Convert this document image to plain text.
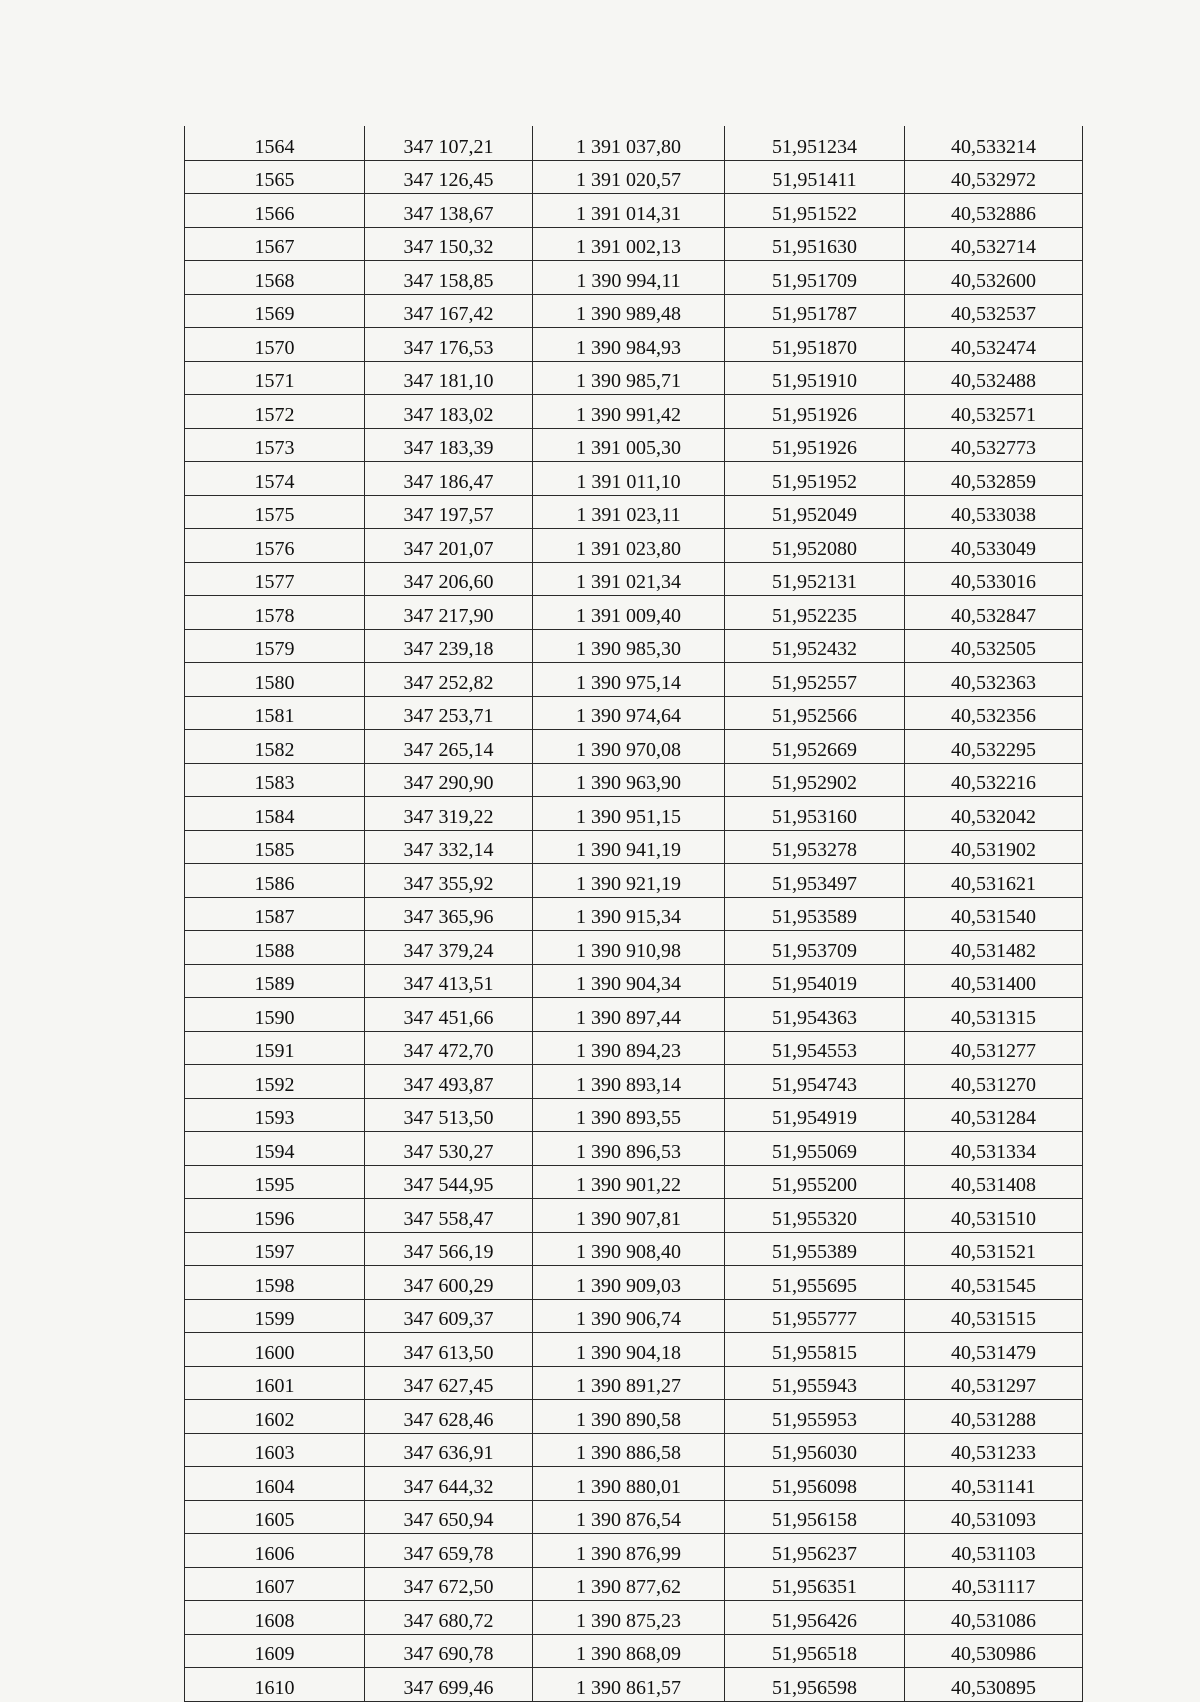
1564	347 107,21	1 391 037,80	51,951234	40,533214
1565	347 126,45	1 391 020,57	51,951411	40,532972
1566	347 138,67	1 391 014,31	51,951522	40,532886
1567	347 150,32	1 391 002,13	51,951630	40,532714
1568	347 158,85	1 390 994,11	51,951709	40,532600
1569	347 167,42	1 390 989,48	51,951787	40,532537
1570	347 176,53	1 390 984,93	51,951870	40,532474
1571	347 181,10	1 390 985,71	51,951910	40,532488
1572	347 183,02	1 390 991,42	51,951926	40,532571
1573	347 183,39	1 391 005,30	51,951926	40,532773
1574	347 186,47	1 391 011,10	51,951952	40,532859
1575	347 197,57	1 391 023,11	51,952049	40,533038
1576	347 201,07	1 391 023,80	51,952080	40,533049
1577	347 206,60	1 391 021,34	51,952131	40,533016
1578	347 217,90	1 391 009,40	51,952235	40,532847
1579	347 239,18	1 390 985,30	51,952432	40,532505
1580	347 252,82	1 390 975,14	51,952557	40,532363
1581	347 253,71	1 390 974,64	51,952566	40,532356
1582	347 265,14	1 390 970,08	51,952669	40,532295
1583	347 290,90	1 390 963,90	51,952902	40,532216
1584	347 319,22	1 390 951,15	51,953160	40,532042
1585	347 332,14	1 390 941,19	51,953278	40,531902
1586	347 355,92	1 390 921,19	51,953497	40,531621
1587	347 365,96	1 390 915,34	51,953589	40,531540
1588	347 379,24	1 390 910,98	51,953709	40,531482
1589	347 413,51	1 390 904,34	51,954019	40,531400
1590	347 451,66	1 390 897,44	51,954363	40,531315
1591	347 472,70	1 390 894,23	51,954553	40,531277
1592	347 493,87	1 390 893,14	51,954743	40,531270
1593	347 513,50	1 390 893,55	51,954919	40,531284
1594	347 530,27	1 390 896,53	51,955069	40,531334
1595	347 544,95	1 390 901,22	51,955200	40,531408
1596	347 558,47	1 390 907,81	51,955320	40,531510
1597	347 566,19	1 390 908,40	51,955389	40,531521
1598	347 600,29	1 390 909,03	51,955695	40,531545
1599	347 609,37	1 390 906,74	51,955777	40,531515
1600	347 613,50	1 390 904,18	51,955815	40,531479
1601	347 627,45	1 390 891,27	51,955943	40,531297
1602	347 628,46	1 390 890,58	51,955953	40,531288
1603	347 636,91	1 390 886,58	51,956030	40,531233
1604	347 644,32	1 390 880,01	51,956098	40,531141
1605	347 650,94	1 390 876,54	51,956158	40,531093
1606	347 659,78	1 390 876,99	51,956237	40,531103
1607	347 672,50	1 390 877,62	51,956351	40,531117
1608	347 680,72	1 390 875,23	51,956426	40,531086
1609	347 690,78	1 390 868,09	51,956518	40,530986
1610	347 699,46	1 390 861,57	51,956598	40,530895
